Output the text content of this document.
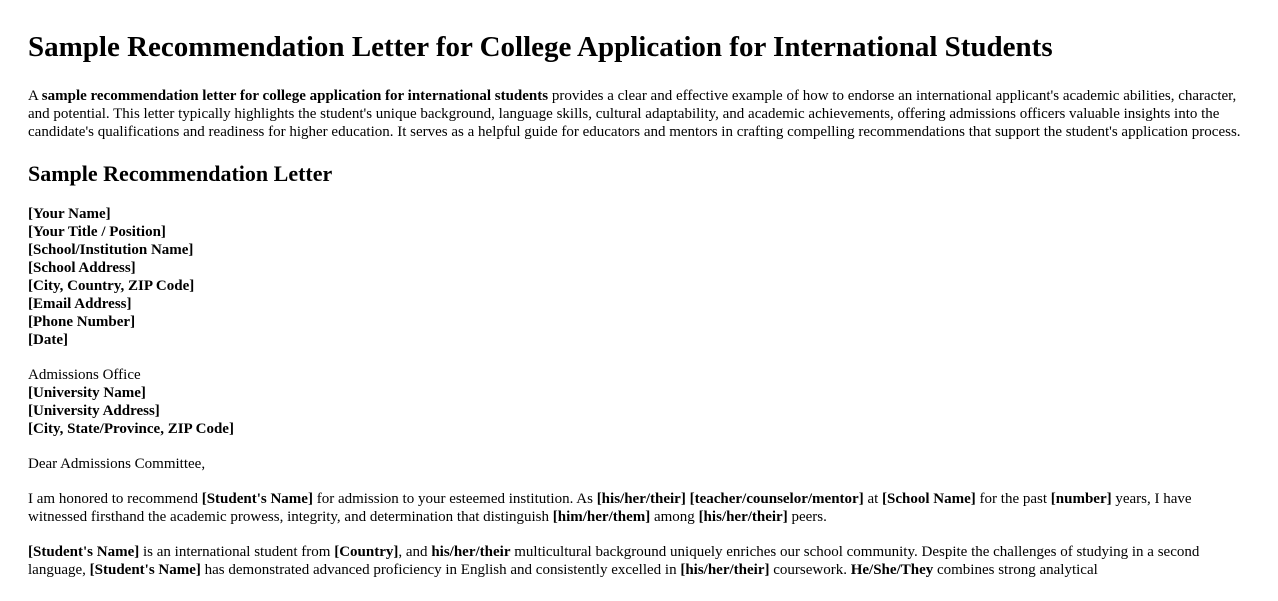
Sample Recommendation Letter for College Application for International Students

A sample recommendation letter for college application for international students provides a clear and effective example of how to endorse an international applicant's academic abilities, character, and potential. This letter typically highlights the student's unique background, language skills, cultural adaptability, and academic achievements, offering admissions officers valuable insights into the candidate's qualifications and readiness for higher education. It serves as a helpful guide for educators and mentors in crafting compelling recommendations that support the student's application process.

Sample Recommendation Letter
[Your Name]
[Your Title / Position]
[School/Institution Name]
[School Address]
[City, Country, ZIP Code]
[Email Address]
[Phone Number]
[Date]
Admissions Office
[University Name]
[University Address]
[City, State/Province, ZIP Code]

Dear Admissions Committee,

I am honored to recommend [Student's Name] for admission to your esteemed institution. As [his/her/their] [teacher/counselor/mentor] at [School Name] for the past [number] years, I have witnessed firsthand the academic prowess, integrity, and determination that distinguish [him/her/them] among [his/her/their] peers.

[Student's Name] is an international student from [Country], and his/her/their multicultural background uniquely enriches our school community. Despite the challenges of studying in a second language, [Student's Name] has demonstrated advanced proficiency in English and consistently excelled in [his/her/their] coursework. He/She/They combines strong analytical
